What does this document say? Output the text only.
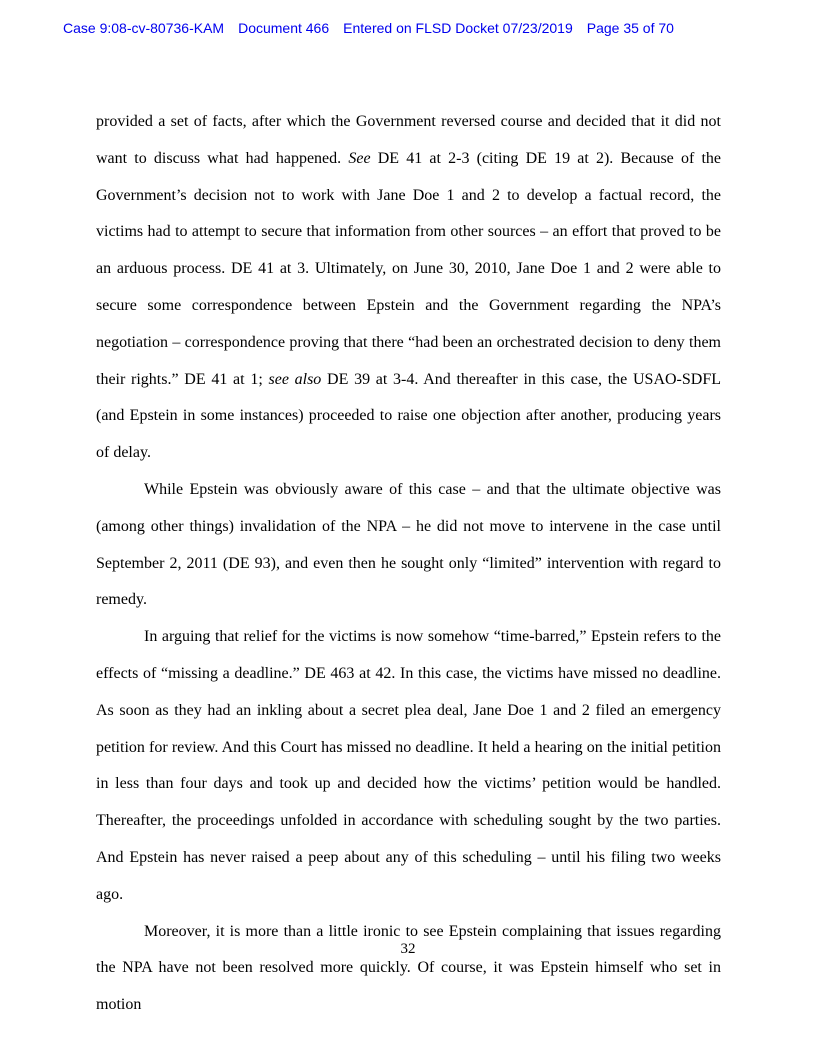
Case 9:08-cv-80736-KAM Document 466 Entered on FLSD Docket 07/23/2019 Page 35 of 70

provided a set of facts, after which the Government reversed course and decided that it did not want to discuss what had happened. See DE 41 at 2-3 (citing DE 19 at 2). Because of the Government’s decision not to work with Jane Doe 1 and 2 to develop a factual record, the victims had to attempt to secure that information from other sources – an effort that proved to be an arduous process. DE 41 at 3. Ultimately, on June 30, 2010, Jane Doe 1 and 2 were able to secure some correspondence between Epstein and the Government regarding the NPA’s negotiation – correspondence proving that there “had been an orchestrated decision to deny them their rights.” DE 41 at 1; see also DE 39 at 3-4. And thereafter in this case, the USAO-SDFL (and Epstein in some instances) proceeded to raise one objection after another, producing years of delay.

While Epstein was obviously aware of this case – and that the ultimate objective was (among other things) invalidation of the NPA – he did not move to intervene in the case until September 2, 2011 (DE 93), and even then he sought only “limited” intervention with regard to remedy.

In arguing that relief for the victims is now somehow “time-barred,” Epstein refers to the effects of “missing a deadline.” DE 463 at 42. In this case, the victims have missed no deadline. As soon as they had an inkling about a secret plea deal, Jane Doe 1 and 2 filed an emergency petition for review. And this Court has missed no deadline. It held a hearing on the initial petition in less than four days and took up and decided how the victims’ petition would be handled. Thereafter, the proceedings unfolded in accordance with scheduling sought by the two parties. And Epstein has never raised a peep about any of this scheduling – until his filing two weeks ago.

Moreover, it is more than a little ironic to see Epstein complaining that issues regarding the NPA have not been resolved more quickly. Of course, it was Epstein himself who set in motion

32
